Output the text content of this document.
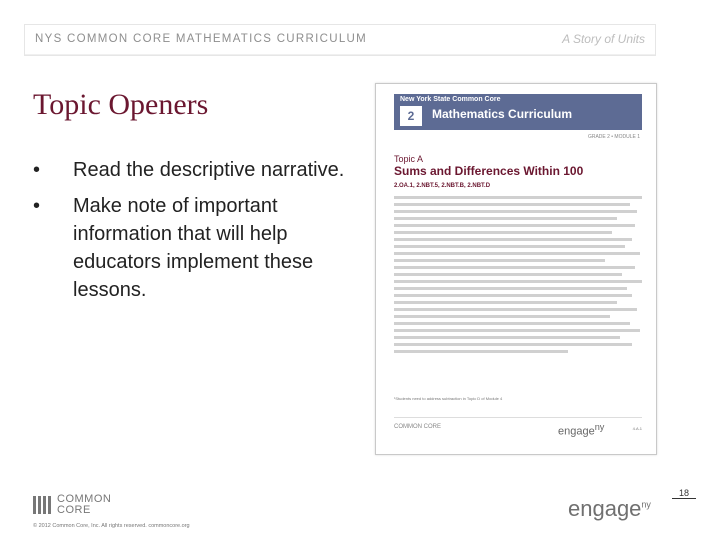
NYS COMMON CORE MATHEMATICS CURRICULUM	A Story of Units
Topic Openers
• Read the descriptive narrative.
• Make note of important information that will help educators implement these lessons.
New York State Common Core
2	Mathematics Curriculum
GRADE 2 • MODULE 1
Topic A
Sums and Differences Within 100
2.OA.1, 2.NBT.5, 2.NBT.B, 2.NBT.D
¹Students need to address subtraction in Topic D of Module 4
COMMON CORE	engage$^{ny}$	4.A.1
COMMON CORE
© 2012 Common Core, Inc. All rights reserved. commoncore.org
engage$^{ny}$
18
